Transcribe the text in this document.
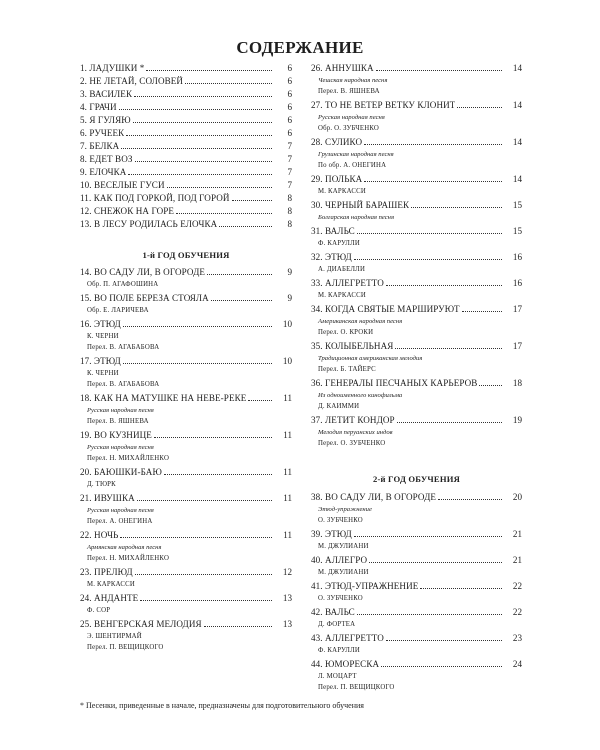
СОДЕРЖАНИЕ
1. ЛАДУШКИ *	6
2. НЕ ЛЕТАЙ, СОЛОВЕЙ	6
3. ВАСИЛЕК	6
4. ГРАЧИ	6
5. Я ГУЛЯЮ	6
6. РУЧЕЕК	6
7. БЕЛКА	7
8. ЕДЕТ ВОЗ	7
9. ЕЛОЧКА	7
10. ВЕСЕЛЫЕ ГУСИ	7
11. КАК ПОД ГОРКОЙ, ПОД ГОРОЙ	8
12. СНЕЖОК НА ГОРЕ	8
13. В ЛЕСУ РОДИЛАСЬ ЕЛОЧКА	8
1-й ГОД ОБУЧЕНИЯ
14. ВО САДУ ЛИ, В ОГОРОДЕ	9
Обр. П. АГАФОШИНА
15. ВО ПОЛЕ БЕРЕЗА СТОЯЛА	9
Обр. Е. ЛАРИЧЕВА
16. ЭТЮД	10
К. ЧЕРНИ
Перел. В. АГАБАБОВА
17. ЭТЮД	10
К. ЧЕРНИ
Перел. В. АГАБАБОВА
18. КАК НА МАТУШКЕ НА НЕВЕ-РЕКЕ	11
Русская народная песня
Перел. В. ЯШНЕВА
19. ВО КУЗНИЦЕ	11
Русская народная песня
Перел. Н. МИХАЙЛЕНКО
20. БАЮШКИ-БАЮ	11
Д. ТЮРК
21. ИВУШКА	11
Русская народная песня
Перел. А. ОНЕГИНА
22. НОЧЬ	11
Армянская народная песня
Перел. Н. МИХАЙЛЕНКО
23. ПРЕЛЮД	12
М. КАРКАССИ
24. АНДАНТЕ	13
Ф. СОР
25. ВЕНГЕРСКАЯ МЕЛОДИЯ	13
Э. ШЕНТИРМАЙ
Перел. П. ВЕЩИЦКОГО
26. АННУШКА	14
Чешская народная песня
Перел. В. ЯШНЕВА
27. ТО НЕ ВЕТЕР ВЕТКУ КЛОНИТ	14
Русская народная песня
Обр. О. ЗУБЧЕНКО
28. СУЛИКО	14
Грузинская народная песня
По обр. А. ОНЕГИНА
29. ПОЛЬКА	14
М. КАРКАССИ
30. ЧЕРНЫЙ БАРАШЕК	15
Болгарская народная песня
31. ВАЛЬС	15
Ф. КАРУЛЛИ
32. ЭТЮД	16
А. ДИАБЕЛЛИ
33. АЛЛЕГРЕТТО	16
М. КАРКАССИ
34. КОГДА СВЯТЫЕ МАРШИРУЮТ	17
Американская народная песня
Перел. О. КРОКИ
35. КОЛЫБЕЛЬНАЯ	17
Традиционная американская мелодия
Перел. Б. ТАЙЕРС
36. ГЕНЕРАЛЫ ПЕСЧАНЫХ КАРЬЕРОВ	18
Из одноименного кинофильма
Д. КАИММИ
37. ЛЕТИТ КОНДОР	19
Мелодия перуанских индов
Перел. О. ЗУБЧЕНКО
2-й ГОД ОБУЧЕНИЯ
38. ВО САДУ ЛИ, В ОГОРОДЕ	20
Этюд-упражнение
О. ЗУБЧЕНКО
39. ЭТЮД	21
М. ДЖУЛИАНИ
40. АЛЛЕГРО	21
М. ДЖУЛИАНИ
41. ЭТЮД-УПРАЖНЕНИЕ	22
О. ЗУБЧЕНКО
42. ВАЛЬС	22
Д. ФОРТЕА
43. АЛЛЕГРЕТТО	23
Ф. КАРУЛЛИ
44. ЮМОРЕСКА	24
Л. МОЦАРТ
Перел. П. ВЕЩИЦКОГО
* Песенки, приведенные в начале, предназначены для подготовительного обучения
